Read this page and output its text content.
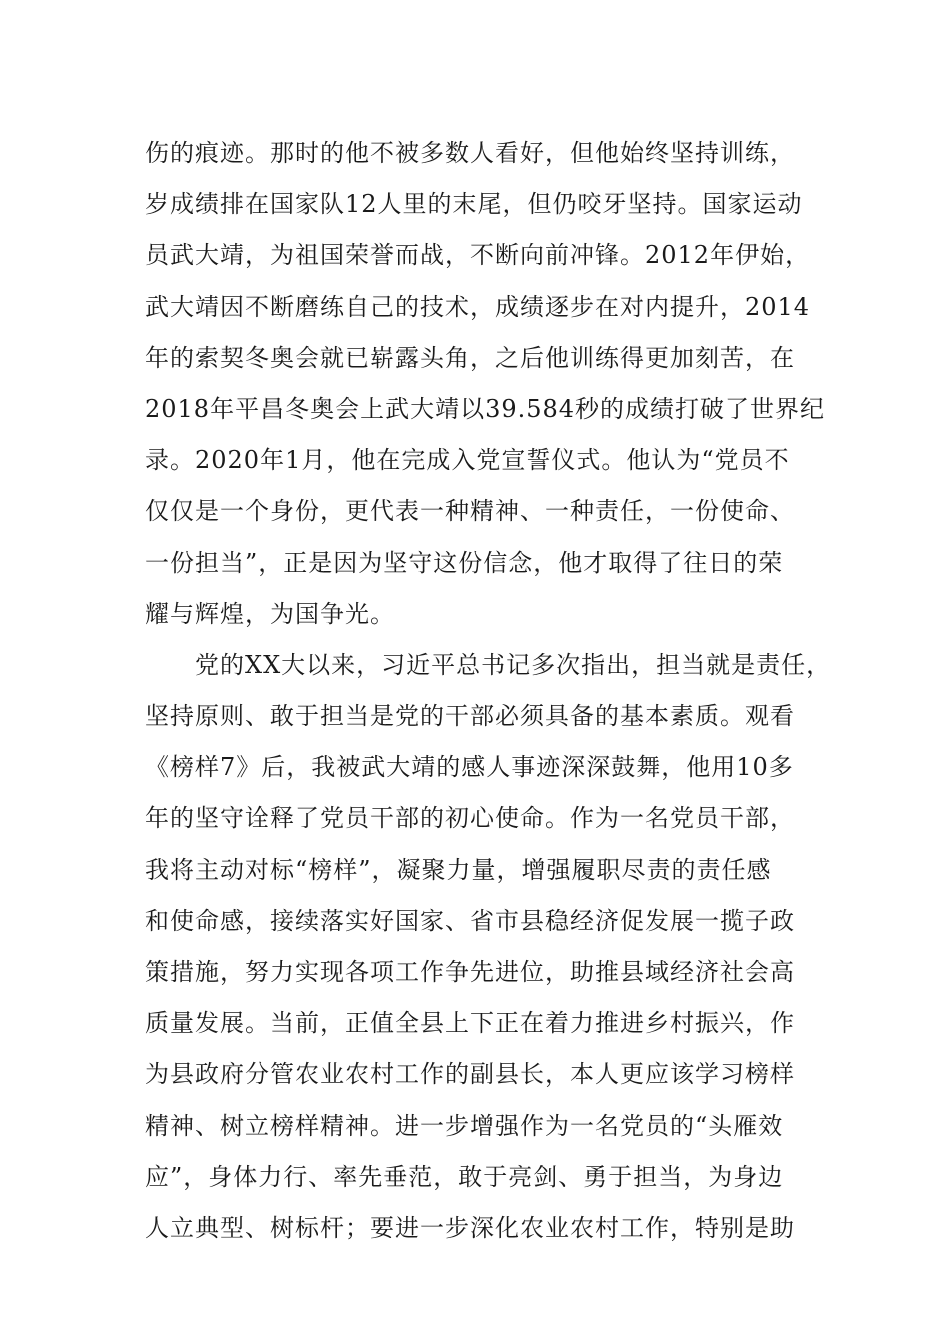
伤的痕迹。那时的他不被多数人看好，但他始终坚持训练，
岁成绩排在国家队12人里的末尾，但仍咬牙坚持。国家运动
员武大靖，为祖国荣誉而战，不断向前冲锋。2012年伊始，
武大靖因不断磨练自己的技术，成绩逐步在对内提升，2014
年的索契冬奥会就已崭露头角，之后他训练得更加刻苦，在
2018年平昌冬奥会上武大靖以39.584秒的成绩打破了世界纪
录。2020年1月，他在完成入党宣誓仪式。他认为“党员不
仅仅是一个身份，更代表一种精神、一种责任，一份使命、
一份担当”，正是因为坚守这份信念，他才取得了往日的荣
耀与辉煌，为国争光。
党的XX大以来，习近平总书记多次指出，担当就是责任，
坚持原则、敢于担当是党的干部必须具备的基本素质。观看
《榜样7》后，我被武大靖的感人事迹深深鼓舞，他用10多
年的坚守诠释了党员干部的初心使命。作为一名党员干部，
我将主动对标“榜样”，凝聚力量，增强履职尽责的责任感
和使命感，接续落实好国家、省市县稳经济促发展一揽子政
策措施，努力实现各项工作争先进位，助推县域经济社会高
质量发展。当前，正值全县上下正在着力推进乡村振兴，作
为县政府分管农业农村工作的副县长，本人更应该学习榜样
精神、树立榜样精神。进一步增强作为一名党员的“头雁效
应”，身体力行、率先垂范，敢于亮剑、勇于担当，为身边
人立典型、树标杆；要进一步深化农业农村工作，特别是助
